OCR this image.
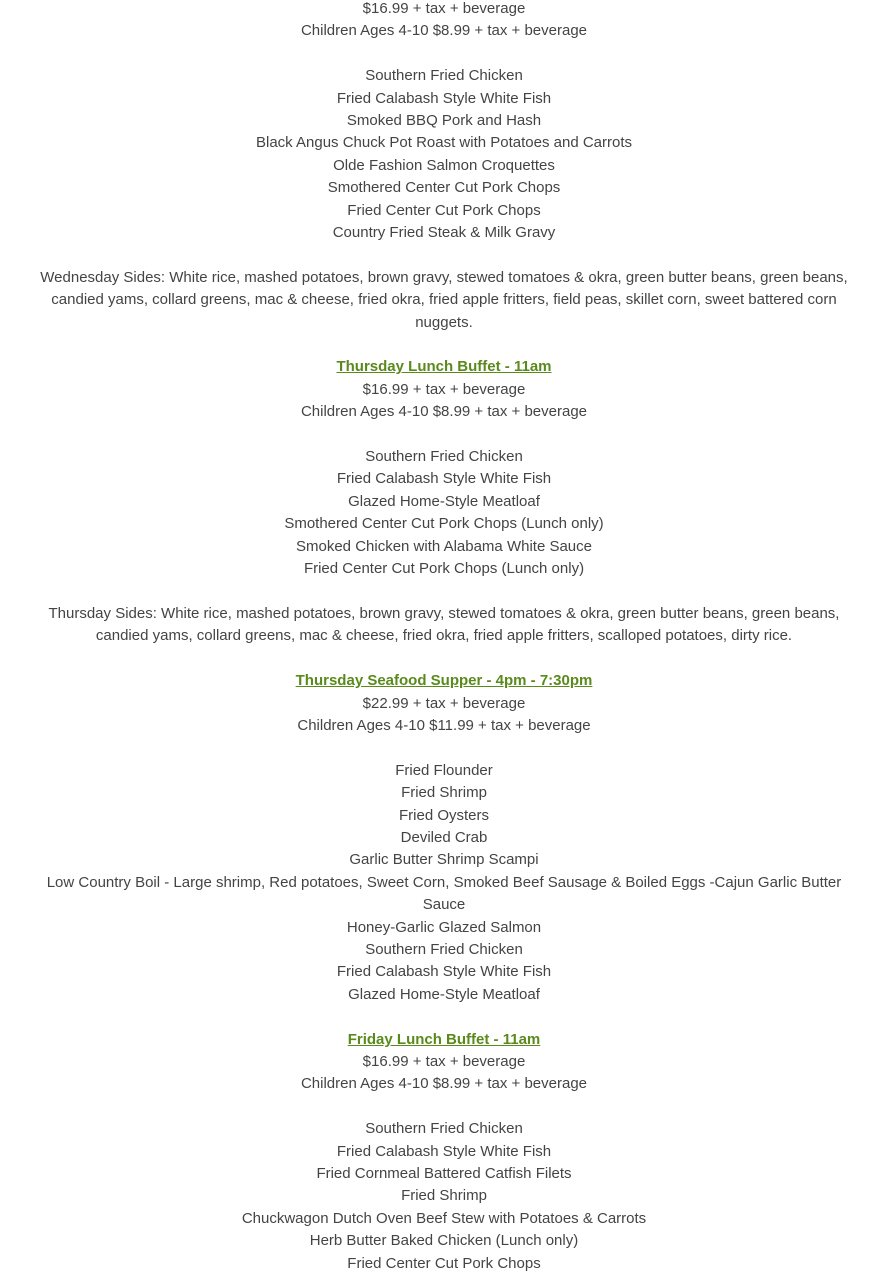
$16.99 + tax + beverage
Children Ages 4-10 $8.99 + tax + beverage
Southern Fried Chicken
Fried Calabash Style White Fish
Smoked BBQ Pork and Hash
Black Angus Chuck Pot Roast with Potatoes and Carrots
Olde Fashion Salmon Croquettes
Smothered Center Cut Pork Chops
Fried Center Cut Pork Chops
Country Fried Steak & Milk Gravy
Wednesday Sides: White rice, mashed potatoes, brown gravy, stewed tomatoes & okra, green butter beans, green beans, candied yams, collard greens, mac & cheese, fried okra, fried apple fritters, field peas, skillet corn, sweet battered corn nuggets.
Thursday Lunch Buffet - 11am
$16.99 + tax + beverage
Children Ages 4-10 $8.99 + tax + beverage
Southern Fried Chicken
Fried Calabash Style White Fish
Glazed Home-Style Meatloaf
Smothered Center Cut Pork Chops (Lunch only)
Smoked Chicken with Alabama White Sauce
Fried Center Cut Pork Chops (Lunch only)
Thursday Sides: White rice, mashed potatoes, brown gravy, stewed tomatoes & okra, green butter beans, green beans, candied yams, collard greens, mac & cheese, fried okra, fried apple fritters, scalloped potatoes, dirty rice.
Thursday Seafood Supper - 4pm - 7:30pm
$22.99 + tax + beverage
Children Ages 4-10 $11.99 + tax + beverage
Fried Flounder
Fried Shrimp
Fried Oysters
Deviled Crab
Garlic Butter Shrimp Scampi
Low Country Boil - Large shrimp, Red potatoes, Sweet Corn, Smoked Beef Sausage & Boiled Eggs -Cajun Garlic Butter Sauce
Honey-Garlic Glazed Salmon
Southern Fried Chicken
Fried Calabash Style White Fish
Glazed Home-Style Meatloaf
Friday Lunch Buffet - 11am
$16.99 + tax + beverage
Children Ages 4-10 $8.99 + tax + beverage
Southern Fried Chicken
Fried Calabash Style White Fish
Fried Cornmeal Battered Catfish Filets
Fried Shrimp
Chuckwagon Dutch Oven Beef Stew with Potatoes & Carrots
Herb Butter Baked Chicken (Lunch only)
Fried Center Cut Pork Chops
